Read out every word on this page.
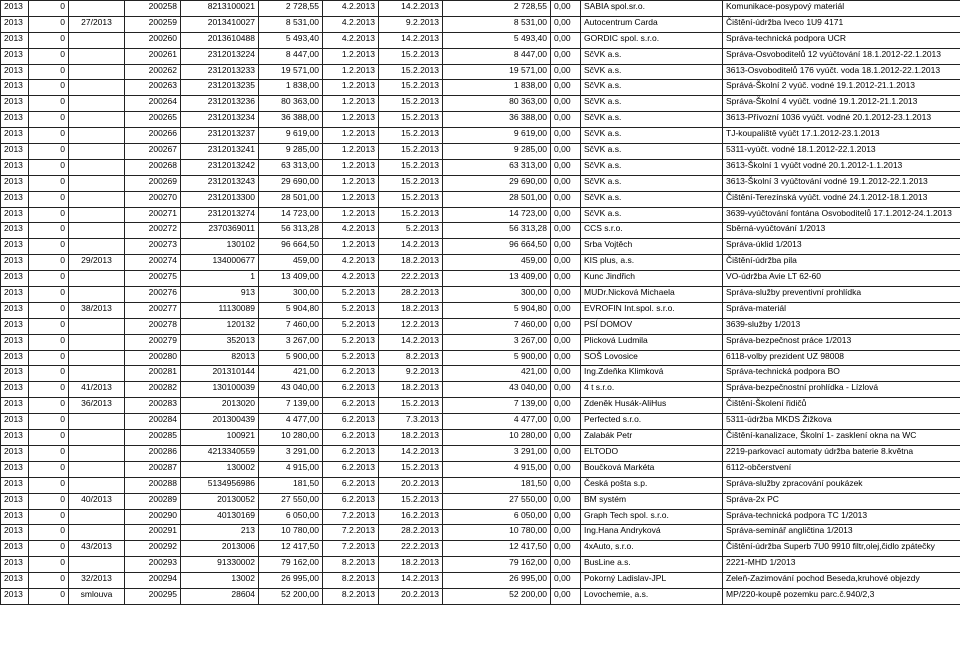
2013	0		200258	8213100021	2 728,55	4.2.2013	14.2.2013	2 728,55	0,00	SABIA spol.sr.o.	Komunikace-posypový materiál
2013	0	27/2013	200259	2013410027	8 531,00	4.2.2013	9.2.2013	8 531,00	0,00	Autocentrum Carda	Čištění-údržba Iveco 1U9 4171
2013	0		200260	2013610488	5 493,40	4.2.2013	14.2.2013	5 493,40	0,00	GORDIC spol. s.r.o.	Správa-technická podpora UCR
2013	0		200261	2312013224	8 447,00	1.2.2013	15.2.2013	8 447,00	0,00	SčVK a.s.	Správa-Osvoboditelů 12 vyúčtování 18.1.2012-22.1.2013
2013	0		200262	2312013233	19 571,00	1.2.2013	15.2.2013	19 571,00	0,00	SčVK a.s.	3613-Osvoboditelů 176 vyúčt. voda 18.1.2012-22.1.2013
2013	0		200263	2312013235	1 838,00	1.2.2013	15.2.2013	1 838,00	0,00	SčVK a.s.	Správá-Školní 2 vyúč. vodné 19.1.2012-21.1.2013
2013	0		200264	2312013236	80 363,00	1.2.2013	15.2.2013	80 363,00	0,00	SčVK a.s.	Správa-Školní 4 vyúčt. vodné 19.1.2012-21.1.2013
2013	0		200265	2312013234	36 388,00	1.2.2013	15.2.2013	36 388,00	0,00	SčVK a.s.	3613-Přívozní 1036 vyúčt. vodné 20.1.2012-23.1.2013
2013	0		200266	2312013237	9 619,00	1.2.2013	15.2.2013	9 619,00	0,00	SčVK a.s.	TJ-koupaliště vyúčt 17.1.2012-23.1.2013
2013	0		200267	2312013241	9 285,00	1.2.2013	15.2.2013	9 285,00	0,00	SčVK a.s.	5311-vyúčt. vodné 18.1.2012-22.1.2013
2013	0		200268	2312013242	63 313,00	1.2.2013	15.2.2013	63 313,00	0,00	SčVK a.s.	3613-Školní 1 vyúčt vodné 20.1.2012-1.1.2013
2013	0		200269	2312013243	29 690,00	1.2.2013	15.2.2013	29 690,00	0,00	SčVK a.s.	3613-Školní 3 vyúčtování vodné 19.1.2012-22.1.2013
2013	0		200270	2312013300	28 501,00	1.2.2013	15.2.2013	28 501,00	0,00	SčVK a.s.	Čištění-Terezínská vyúčt. vodné 24.1.2012-18.1.2013
2013	0		200271	2312013274	14 723,00	1.2.2013	15.2.2013	14 723,00	0,00	SčVK a.s.	3639-vyúčtování fontána Osvoboditelů 17.1.2012-24.1.2013
2013	0		200272	2370369011	56 313,28	4.2.2013	5.2.2013	56 313,28	0,00	CCS s.r.o.	Sběrná-vyúčtování 1/2013
2013	0		200273	130102	96 664,50	1.2.2013	14.2.2013	96 664,50	0,00	Srba Vojtěch	Správa-úklid 1/2013
2013	0	29/2013	200274	134000677	459,00	4.2.2013	18.2.2013	459,00	0,00	KIS plus, a.s.	Čištění-údržba pila
2013	0		200275	1	13 409,00	4.2.2013	22.2.2013	13 409,00	0,00	Kunc Jindřich	VO-údržba Avie LT 62-60
2013	0		200276	913	300,00	5.2.2013	28.2.2013	300,00	0,00	MUDr.Nicková Michaela	Správa-služby preventivní prohlídka
2013	0	38/2013	200277	11130089	5 904,80	5.2.2013	18.2.2013	5 904,80	0,00	EVROFIN Int.spol. s.r.o.	Správa-materiál
2013	0		200278	120132	7 460,00	5.2.2013	12.2.2013	7 460,00	0,00	PSÍ DOMOV	3639-služby 1/2013
2013	0		200279	352013	3 267,00	5.2.2013	14.2.2013	3 267,00	0,00	Plicková Ludmila	Správa-bezpečnost práce 1/2013
2013	0		200280	82013	5 900,00	5.2.2013	8.2.2013	5 900,00	0,00	SOŠ Lovosice	6118-volby prezident UZ 98008
2013	0		200281	201310144	421,00	6.2.2013	9.2.2013	421,00	0,00	Ing.Zdeňka Klimková	Správa-technická podpora BO
2013	0	41/2013	200282	130100039	43 040,00	6.2.2013	18.2.2013	43 040,00	0,00	4 t s.r.o.	Správa-bezpečnostní prohlídka - Lízlová
2013	0	36/2013	200283	2013020	7 139,00	6.2.2013	15.2.2013	7 139,00	0,00	Zdeněk Husák-AliHus	Čištění-Školení řidičů
2013	0		200284	201300439	4 477,00	6.2.2013	7.3.2013	4 477,00	0,00	Perfected s.r.o.	5311-údržba MKDS Žižkova
2013	0		200285	100921	10 280,00	6.2.2013	18.2.2013	10 280,00	0,00	Zalabák Petr	Čištění-kanalizace, Školní 1- zasklení okna na WC
2013	0		200286	4213340559	3 291,00	6.2.2013	14.2.2013	3 291,00	0,00	ELTODO	2219-parkovací automaty údržba baterie 8.května
2013	0		200287	130002	4 915,00	6.2.2013	15.2.2013	4 915,00	0,00	Boučková Markéta	6112-občerstvení
2013	0		200288	5134956986	181,50	6.2.2013	20.2.2013	181,50	0,00	Česká pošta s.p.	Správa-služby zpracování poukázek
2013	0	40/2013	200289	20130052	27 550,00	6.2.2013	15.2.2013	27 550,00	0,00	BM systém	Správa-2x PC
2013	0		200290	40130169	6 050,00	7.2.2013	16.2.2013	6 050,00	0,00	Graph Tech spol. s.r.o.	Správa-technická podpora TC 1/2013
2013	0		200291	213	10 780,00	7.2.2013	28.2.2013	10 780,00	0,00	Ing.Hana Andryková	Správa-seminář angličtina 1/2013
2013	0	43/2013	200292	2013006	12 417,50	7.2.2013	22.2.2013	12 417,50	0,00	4xAuto, s.r.o.	Čištění-údržba Superb 7U0 9910 filtr,olej,čidlo zpátečky
2013	0		200293	91330002	79 162,00	8.2.2013	18.2.2013	79 162,00	0,00	BusLine a.s.	2221-MHD 1/2013
2013	0	32/2013	200294	13002	26 995,00	8.2.2013	14.2.2013	26 995,00	0,00	Pokorný Ladislav-JPL	Zeleň-Zazimování pochod Beseda,kruhové objezdy
2013	0	smlouva	200295	28604	52 200,00	8.2.2013	20.2.2013	52 200,00	0,00	Lovochemie, a.s.	MP/220-koupě pozemku parc.č.940/2,3
